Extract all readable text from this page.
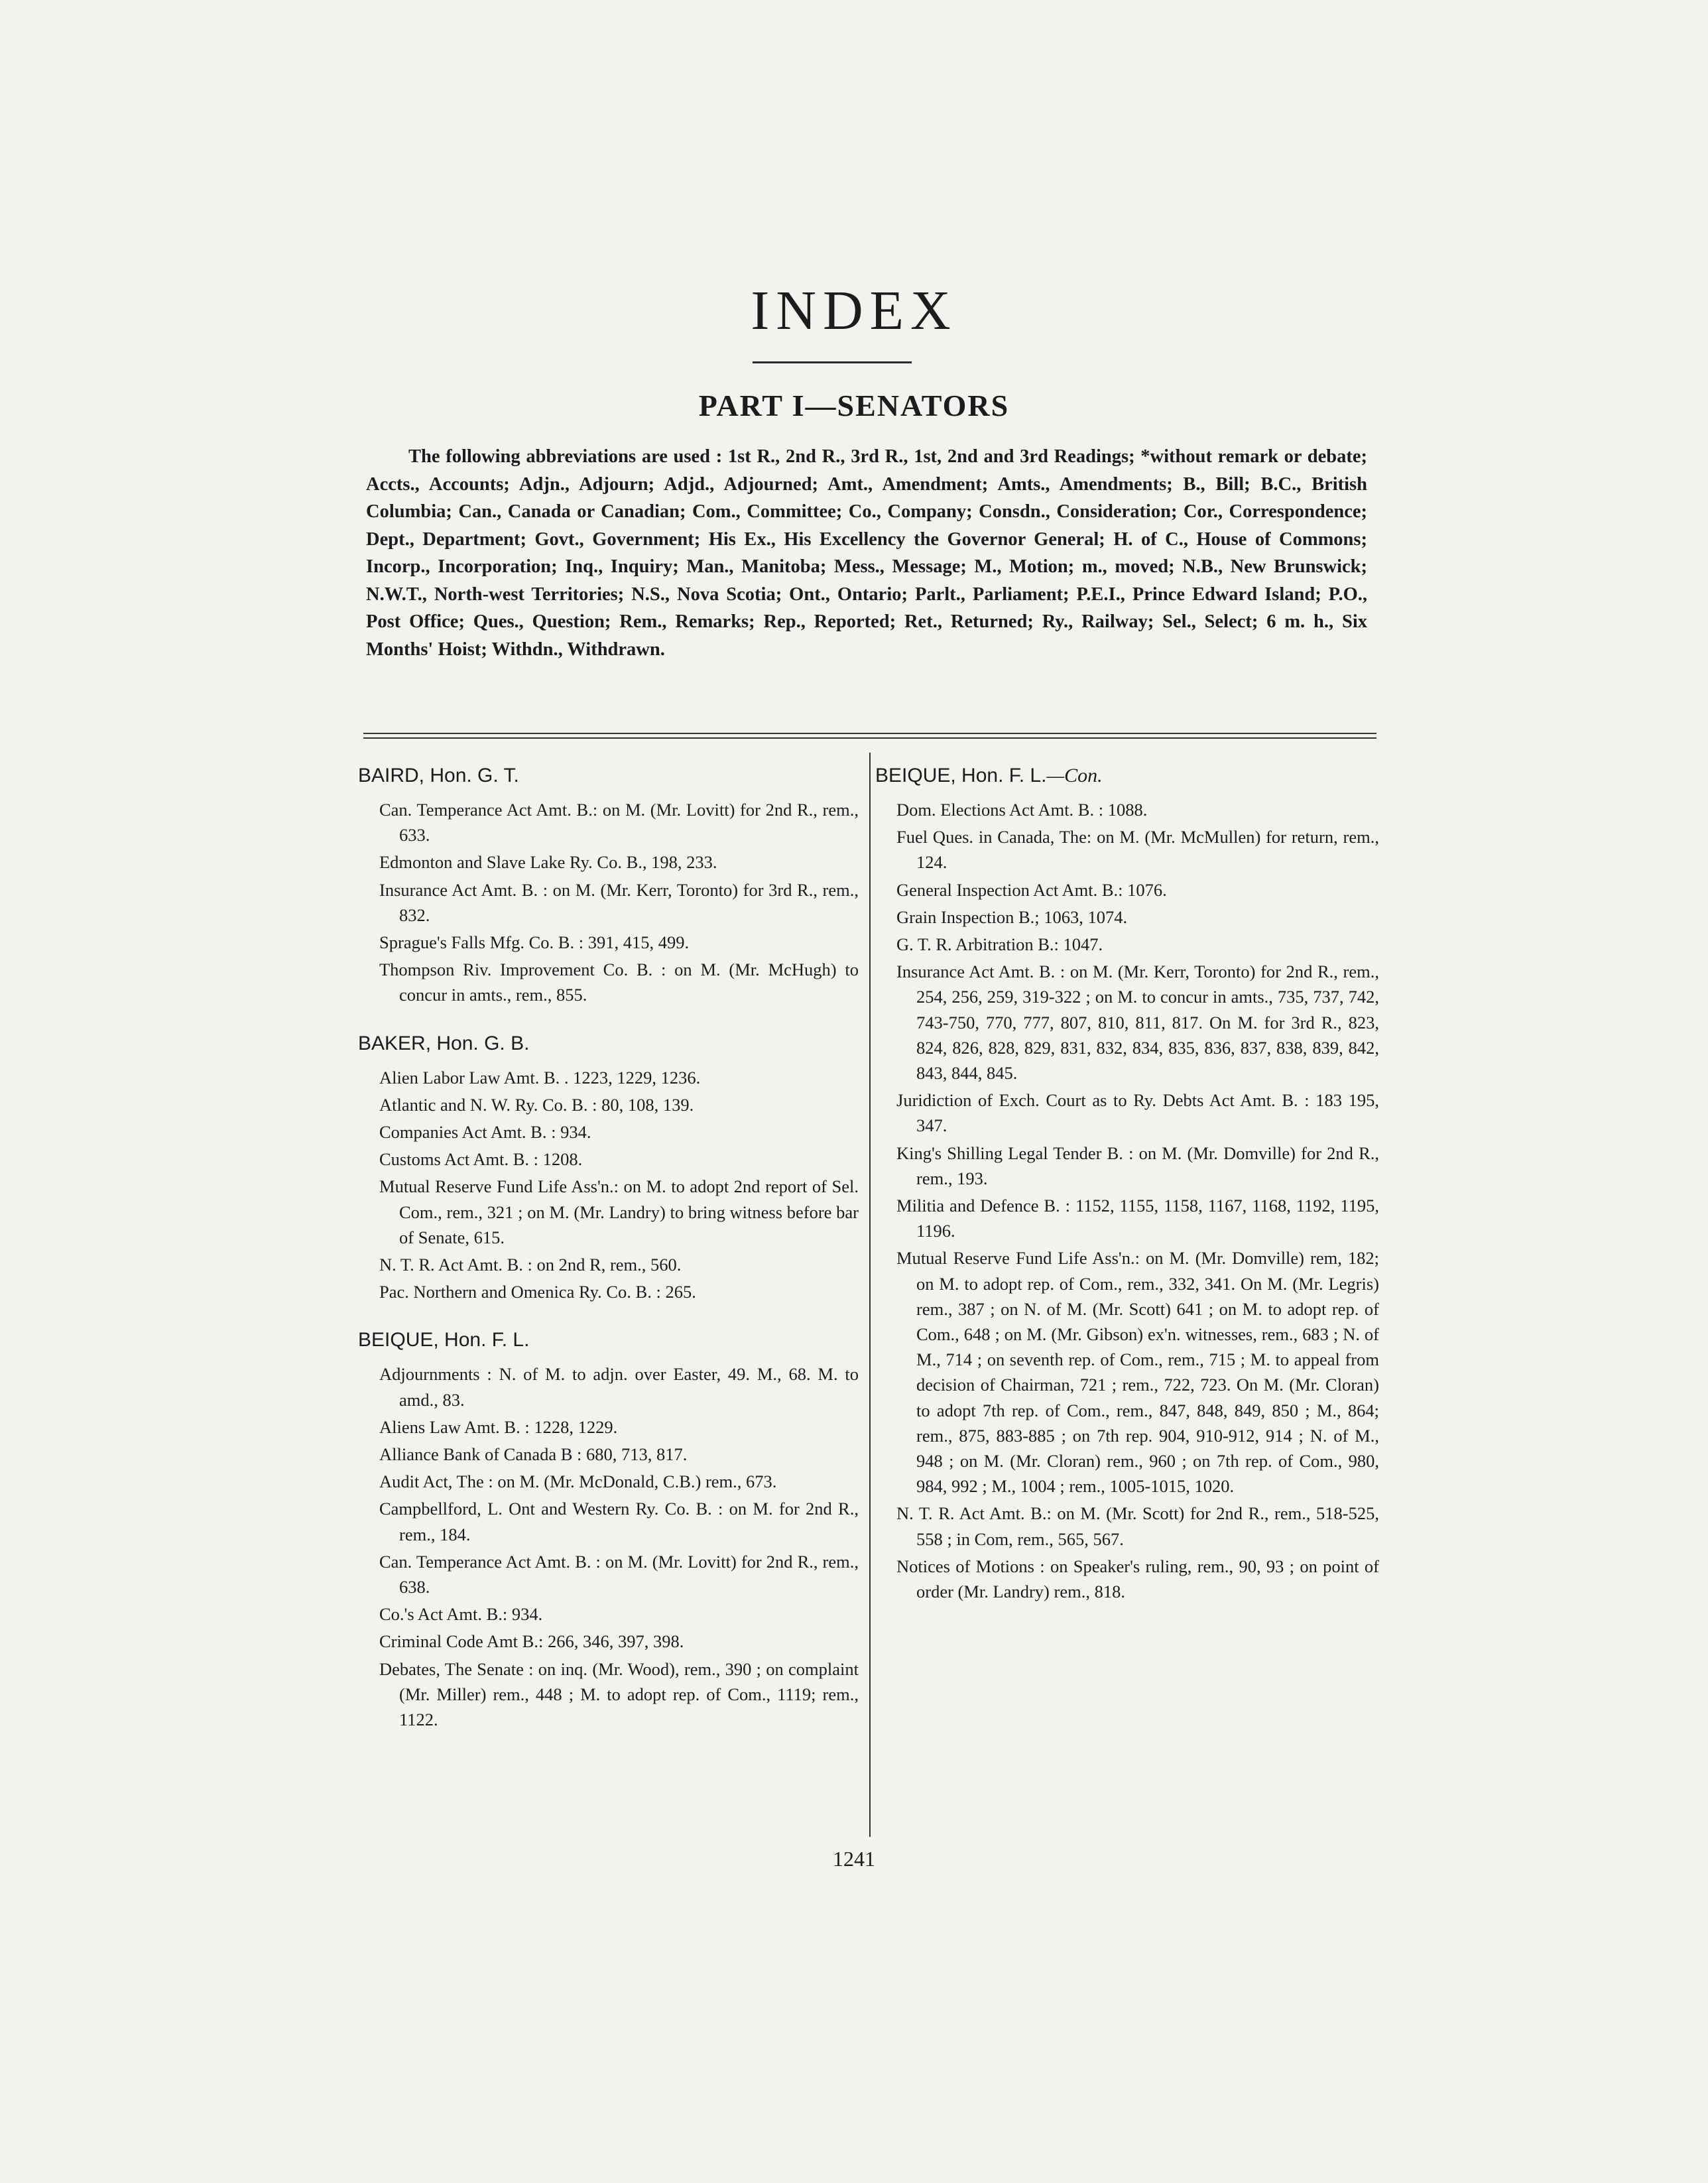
INDEX
PART I—SENATORS

The following abbreviations are used : 1st R., 2nd R., 3rd R., 1st, 2nd and 3rd Readings; *without remark or debate; Accts., Accounts; Adjn., Adjourn; Adjd., Adjourned; Amt., Amendment; Amts., Amendments; B., Bill; B.C., British Columbia; Can., Canada or Canadian; Com., Committee; Co., Company; Consdn., Consideration; Cor., Correspondence; Dept., Department; Govt., Government; His Ex., His Excellency the Governor General; H. of C., House of Commons; Incorp., Incorporation; Inq., Inquiry; Man., Manitoba; Mess., Message; M., Motion; m., moved; N.B., New Brunswick; N.W.T., North-west Territories; N.S., Nova Scotia; Ont., Ontario; Parlt., Parliament; P.E.I., Prince Edward Island; P.O., Post Office; Ques., Question; Rem., Remarks; Rep., Reported; Ret., Returned; Ry., Railway; Sel., Select; 6 m. h., Six Months' Hoist; Withdn., Withdrawn.

BAIRD, Hon. G. T.
Can. Temperance Act Amt. B.: on M. (Mr. Lovitt) for 2nd R., rem., 633.
Edmonton and Slave Lake Ry. Co. B., 198, 233.
Insurance Act Amt. B. : on M. (Mr. Kerr, Toronto) for 3rd R., rem., 832.
Sprague's Falls Mfg. Co. B. : 391, 415, 499.
Thompson Riv. Improvement Co. B. : on M. (Mr. McHugh) to concur in amts., rem., 855.
BAKER, Hon. G. B.
Alien Labor Law Amt. B. . 1223, 1229, 1236.
Atlantic and N. W. Ry. Co. B. : 80, 108, 139.
Companies Act Amt. B. : 934.
Customs Act Amt. B. : 1208.
Mutual Reserve Fund Life Ass'n.: on M. to adopt 2nd report of Sel. Com., rem., 321 ; on M. (Mr. Landry) to bring witness before bar of Senate, 615.
N. T. R. Act Amt. B. : on 2nd R, rem., 560.
Pac. Northern and Omenica Ry. Co. B. : 265.
BEIQUE, Hon. F. L.
Adjournments : N. of M. to adjn. over Easter, 49. M., 68. M. to amd., 83.
Aliens Law Amt. B. : 1228, 1229.
Alliance Bank of Canada B : 680, 713, 817.
Audit Act, The : on M. (Mr. McDonald, C.B.) rem., 673.
Campbellford, L. Ont and Western Ry. Co. B. : on M. for 2nd R., rem., 184.
Can. Temperance Act Amt. B. : on M. (Mr. Lovitt) for 2nd R., rem., 638.
Co.'s Act Amt. B.: 934.
Criminal Code Amt B.: 266, 346, 397, 398.
Debates, The Senate : on inq. (Mr. Wood), rem., 390 ; on complaint (Mr. Miller) rem., 448 ; M. to adopt rep. of Com., 1119; rem., 1122.
BEIQUE, Hon. F. L.—Con.
Dom. Elections Act Amt. B. : 1088.
Fuel Ques. in Canada, The: on M. (Mr. McMullen) for return, rem., 124.
General Inspection Act Amt. B.: 1076.
Grain Inspection B.; 1063, 1074.
G. T. R. Arbitration B.: 1047.
Insurance Act Amt. B. : on M. (Mr. Kerr, Toronto) for 2nd R., rem., 254, 256, 259, 319-322 ; on M. to concur in amts., 735, 737, 742, 743-750, 770, 777, 807, 810, 811, 817. On M. for 3rd R., 823, 824, 826, 828, 829, 831, 832, 834, 835, 836, 837, 838, 839, 842, 843, 844, 845.
Juridiction of Exch. Court as to Ry. Debts Act Amt. B. : 183 195, 347.
King's Shilling Legal Tender B. : on M. (Mr. Domville) for 2nd R., rem., 193.
Militia and Defence B. : 1152, 1155, 1158, 1167, 1168, 1192, 1195, 1196.
Mutual Reserve Fund Life Ass'n.: on M. (Mr. Domville) rem, 182; on M. to adopt rep. of Com., rem., 332, 341. On M. (Mr. Legris) rem., 387 ; on N. of M. (Mr. Scott) 641 ; on M. to adopt rep. of Com., 648 ; on M. (Mr. Gibson) ex'n. witnesses, rem., 683 ; N. of M., 714 ; on seventh rep. of Com., rem., 715 ; M. to appeal from decision of Chairman, 721 ; rem., 722, 723. On M. (Mr. Cloran) to adopt 7th rep. of Com., rem., 847, 848, 849, 850 ; M., 864; rem., 875, 883-885 ; on 7th rep. 904, 910-912, 914 ; N. of M., 948 ; on M. (Mr. Cloran) rem., 960 ; on 7th rep. of Com., 980, 984, 992 ; M., 1004 ; rem., 1005-1015, 1020.
N. T. R. Act Amt. B.: on M. (Mr. Scott) for 2nd R., rem., 518-525, 558 ; in Com, rem., 565, 567.
Notices of Motions : on Speaker's ruling, rem., 90, 93 ; on point of order (Mr. Landry) rem., 818.
1241
